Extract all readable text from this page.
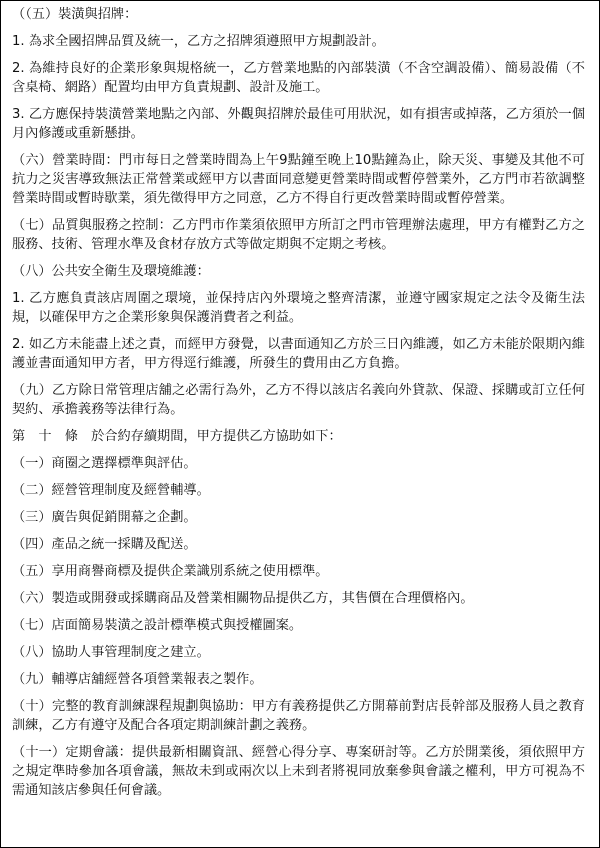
（（五）裝潢與招牌：

1. 為求全國招牌品質及統一，乙方之招牌須遵照甲方規劃設計。

2. 為維持良好的企業形象與規格統一，乙方營業地點的內部裝潢（不含空調設備）、簡易設備（不含桌椅、網路）配置均由甲方負責規劃、設計及施工。

3. 乙方應保持裝潢營業地點之內部、外觀與招牌於最佳可用狀況，如有損害或掉落，乙方須於一個月內修護或重新懸掛。

（六）營業時間：門市每日之營業時間為上午9點鐘至晚上10點鐘為止，除天災、事變及其他不可抗力之災害導致無法正常營業或經甲方以書面同意變更營業時間或暫停營業外，乙方門市若欲調整營業時間或暫時歇業，須先徵得甲方之同意，乙方不得自行更改營業時間或暫停營業。

（七）品質與服務之控制：乙方門市作業須依照甲方所訂之門市管理辦法處理，甲方有權對乙方之服務、技術、管理水準及食材存放方式等做定期與不定期之考核。

（八）公共安全衛生及環境維護：

1. 乙方應負責該店周圍之環境，並保持店內外環境之整齊清潔，並遵守國家規定之法令及衛生法規，以確保甲方之企業形象與保護消費者之利益。

2. 如乙方未能盡上述之責，而經甲方發覺，以書面通知乙方於三日內維護，如乙方未能於限期內維護並書面通知甲方者，甲方得逕行維護，所發生的費用由乙方負擔。

（九）乙方除日常管理店舖之必需行為外，乙方不得以該店名義向外貸款、保證、採購或訂立任何契約、承擔義務等法律行為。

第　十　條　於合約存續期間，甲方提供乙方協助如下：

（一）商圈之選擇標準與評估。

（二）經營管理制度及經營輔導。

（三）廣告與促銷開幕之企劃。

（四）產品之統一採購及配送。

（五）享用商譽商標及提供企業識別系統之使用標準。

（六）製造或開發或採購商品及營業相關物品提供乙方，其售價在合理價格內。

（七）店面簡易裝潢之設計標準模式與授權圖案。

（八）協助人事管理制度之建立。

（九）輔導店舖經營各項營業報表之製作。

（十）完整的教育訓練課程規劃與協助：甲方有義務提供乙方開幕前對店長幹部及服務人員之教育訓練，乙方有遵守及配合各項定期訓練計劃之義務。

（十一）定期會議：提供最新相關資訊、經營心得分享、專案研討等。乙方於開業後，須依照甲方之規定準時參加各項會議，無故未到或兩次以上未到者將視同放棄參與會議之權利，甲方可視為不需通知該店參與任何會議。
